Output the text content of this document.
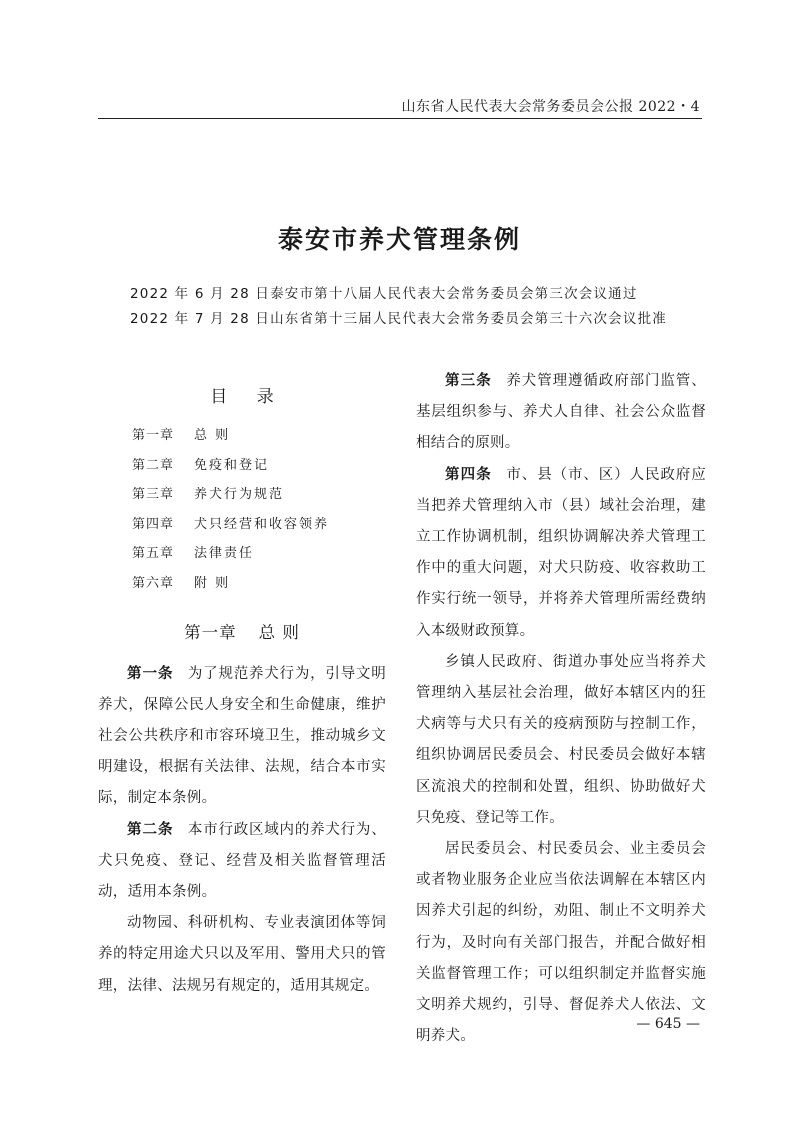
山东省人民代表大会常务委员会公报 2022・4
泰安市养犬管理条例
2022 年 6 月 28 日泰安市第十八届人民代表大会常务委员会第三次会议通过
2022 年 7 月 28 日山东省第十三届人民代表大会常务委员会第三十六次会议批准
目 录
第一章 总 则
第二章 免疫和登记
第三章 养犬行为规范
第四章 犬只经营和收容领养
第五章 法律责任
第六章 附 则
第一章 总 则

第一条 为了规范养犬行为，引导文明养犬，保障公民人身安全和生命健康，维护社会公共秩序和市容环境卫生，推动城乡文明建设，根据有关法律、法规，结合本市实际，制定本条例。

第二条 本市行政区域内的养犬行为、犬只免疫、登记、经营及相关监督管理活动，适用本条例。

动物园、科研机构、专业表演团体等饲养的特定用途犬只以及军用、警用犬只的管理，法律、法规另有规定的，适用其规定。

第三条 养犬管理遵循政府部门监管、基层组织参与、养犬人自律、社会公众监督相结合的原则。

第四条 市、县（市、区）人民政府应当把养犬管理纳入市（县）域社会治理，建立工作协调机制，组织协调解决养犬管理工作中的重大问题，对犬只防疫、收容救助工作实行统一领导，并将养犬管理所需经费纳入本级财政预算。

乡镇人民政府、街道办事处应当将养犬管理纳入基层社会治理，做好本辖区内的狂犬病等与犬只有关的疫病预防与控制工作，组织协调居民委员会、村民委员会做好本辖区流浪犬的控制和处置，组织、协助做好犬只免疫、登记等工作。

居民委员会、村民委员会、业主委员会或者物业服务企业应当依法调解在本辖区内因养犬引起的纠纷，劝阻、制止不文明养犬行为，及时向有关部门报告，并配合做好相关监督管理工作；可以组织制定并监督实施文明养犬规约，引导、督促养犬人依法、文明养犬。

— 645 —
